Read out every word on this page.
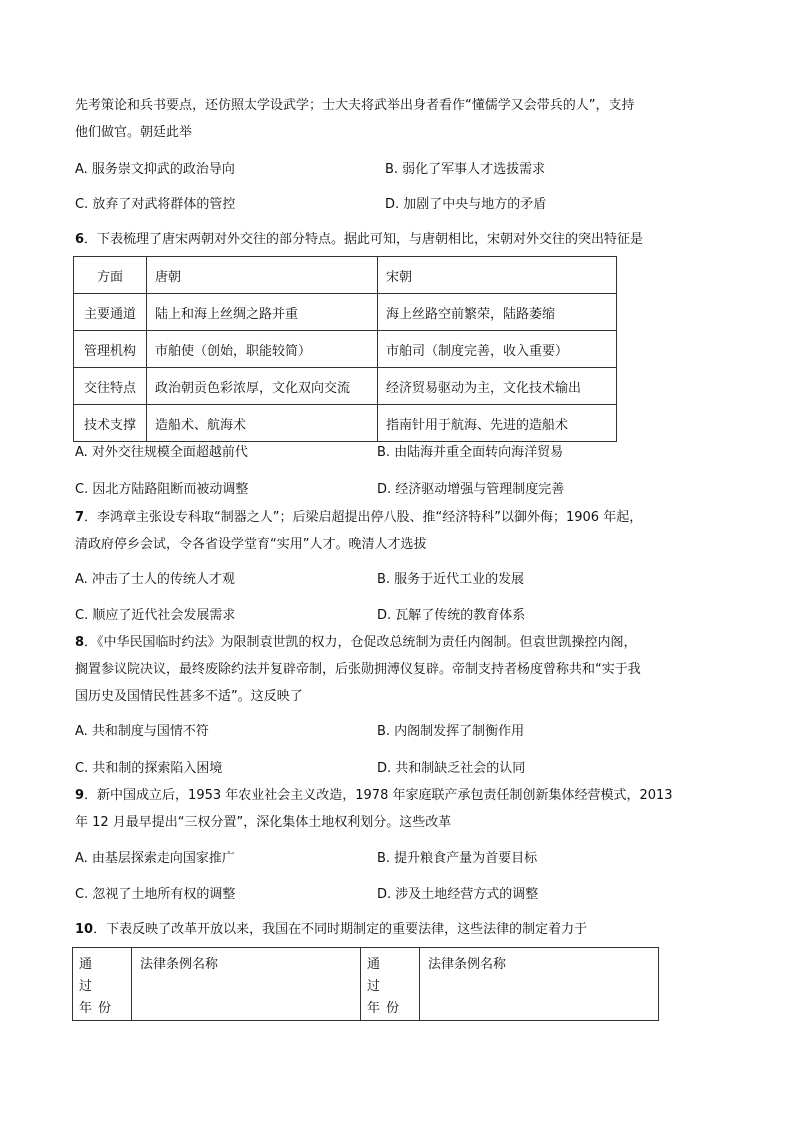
先考策论和兵书要点，还仿照太学设武学；士大夫将武举出身者看作“懂儒学又会带兵的人”，支持
他们做官。朝廷此举
A. 服务崇文抑武的政治导向	B. 弱化了军事人才选拔需求
C. 放弃了对武将群体的管控	D. 加剧了中央与地方的矛盾
6．下表梳理了唐宋两朝对外交往的部分特点。据此可知，与唐朝相比，宋朝对外交往的突出特征是
方面	唐朝	宋朝
主要通道	陆上和海上丝绸之路并重	海上丝路空前繁荣，陆路萎缩
管理机构	市舶使（创始，职能较简）	市舶司（制度完善，收入重要）
交往特点	政治朝贡色彩浓厚，文化双向交流	经济贸易驱动为主，文化技术输出
技术支撑	造船术、航海术	指南针用于航海、先进的造船术
A. 对外交往规模全面超越前代	B. 由陆海并重全面转向海洋贸易
C. 因北方陆路阻断而被动调整	D. 经济驱动增强与管理制度完善
7．李鸿章主张设专科取“制器之人”；后梁启超提出停八股、推“经济特科”以御外侮；1906 年起，
清政府停乡会试，令各省设学堂育“实用”人才。晚清人才选拔
A. 冲击了士人的传统人才观	B. 服务于近代工业的发展
C. 顺应了近代社会发展需求	D. 瓦解了传统的教育体系
8．《中华民国临时约法》为限制袁世凯的权力，仓促改总统制为责任内阁制。但袁世凯操控内阁，
搁置参议院决议，最终废除约法并复辟帝制，后张勋拥溥仪复辟。帝制支持者杨度曾称共和“实于我
国历史及国情民性甚多不适”。这反映了
A. 共和制度与国情不符	B. 内阁制发挥了制衡作用
C. 共和制的探索陷入困境	D. 共和制缺乏社会的认同
9．新中国成立后，1953 年农业社会主义改造，1978 年家庭联产承包责任制创新集体经营模式，2013
年 12 月最早提出“三权分置”，深化集体土地权利划分。这些改革
A. 由基层探索走向国家推广	B. 提升粮食产量为首要目标
C. 忽视了土地所有权的调整	D. 涉及土地经营方式的调整
10．下表反映了改革开放以来，我国在不同时期制定的重要法律，这些法律的制定着力于
通 过 年份	法律条例名称	通 过 年份	法律条例名称
